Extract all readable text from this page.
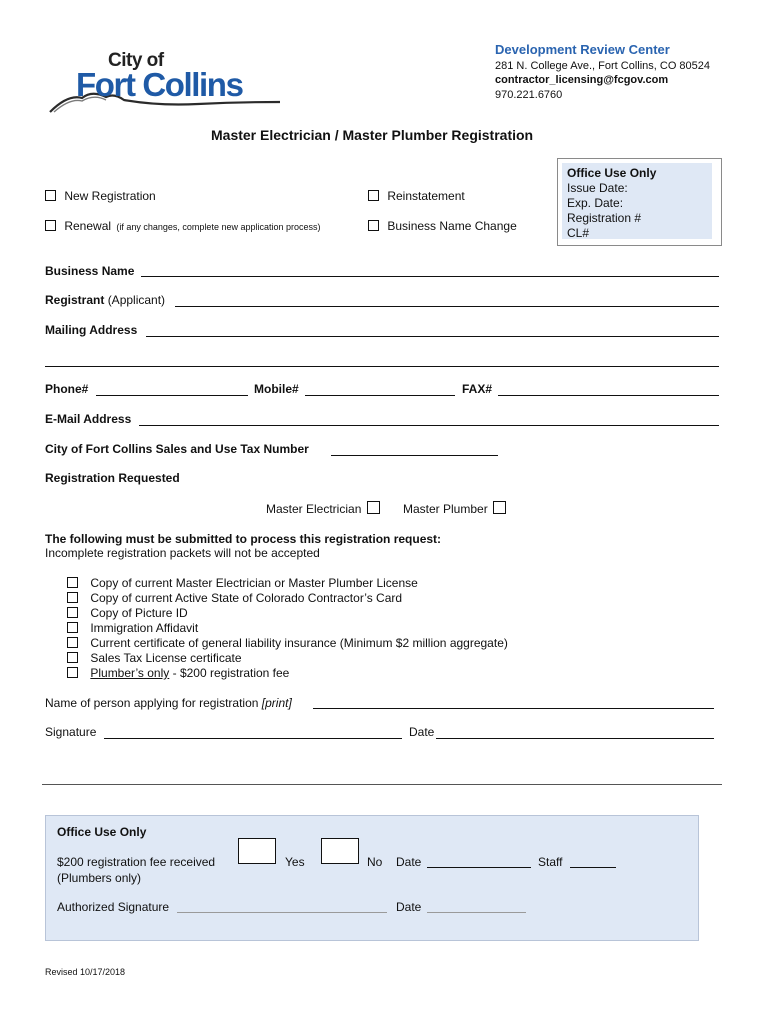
City of
Fort Collins
Development Review Center
281 N. College Ave., Fort Collins, CO 80524
contractor_licensing@fcgov.com
970.221.6760
Master Electrician / Master Plumber Registration
New Registration	Reinstatement
Renewal (if any changes, complete new application process)	Business Name Change
Office Use Only
Issue Date:
Exp. Date:
Registration #
CL#
Business Name
Registrant (Applicant)
Mailing Address
Phone#	Mobile#	FAX#
E-Mail Address
City of Fort Collins Sales and Use Tax Number
Registration Requested
Master Electrician	Master Plumber
The following must be submitted to process this registration request:
Incomplete registration packets will not be accepted
Copy of current Master Electrician or Master Plumber License
Copy of current Active State of Colorado Contractor’s Card
Copy of Picture ID
Immigration Affidavit
Current certificate of general liability insurance (Minimum $2 million aggregate)
Sales Tax License certificate
Plumber’s only - $200 registration fee
Name of person applying for registration [print]
Signature	Date
Office Use Only
$200 registration fee received
(Plumbers only)
Yes	No Date	Staff
Authorized Signature	Date
Revised 10/17/2018
